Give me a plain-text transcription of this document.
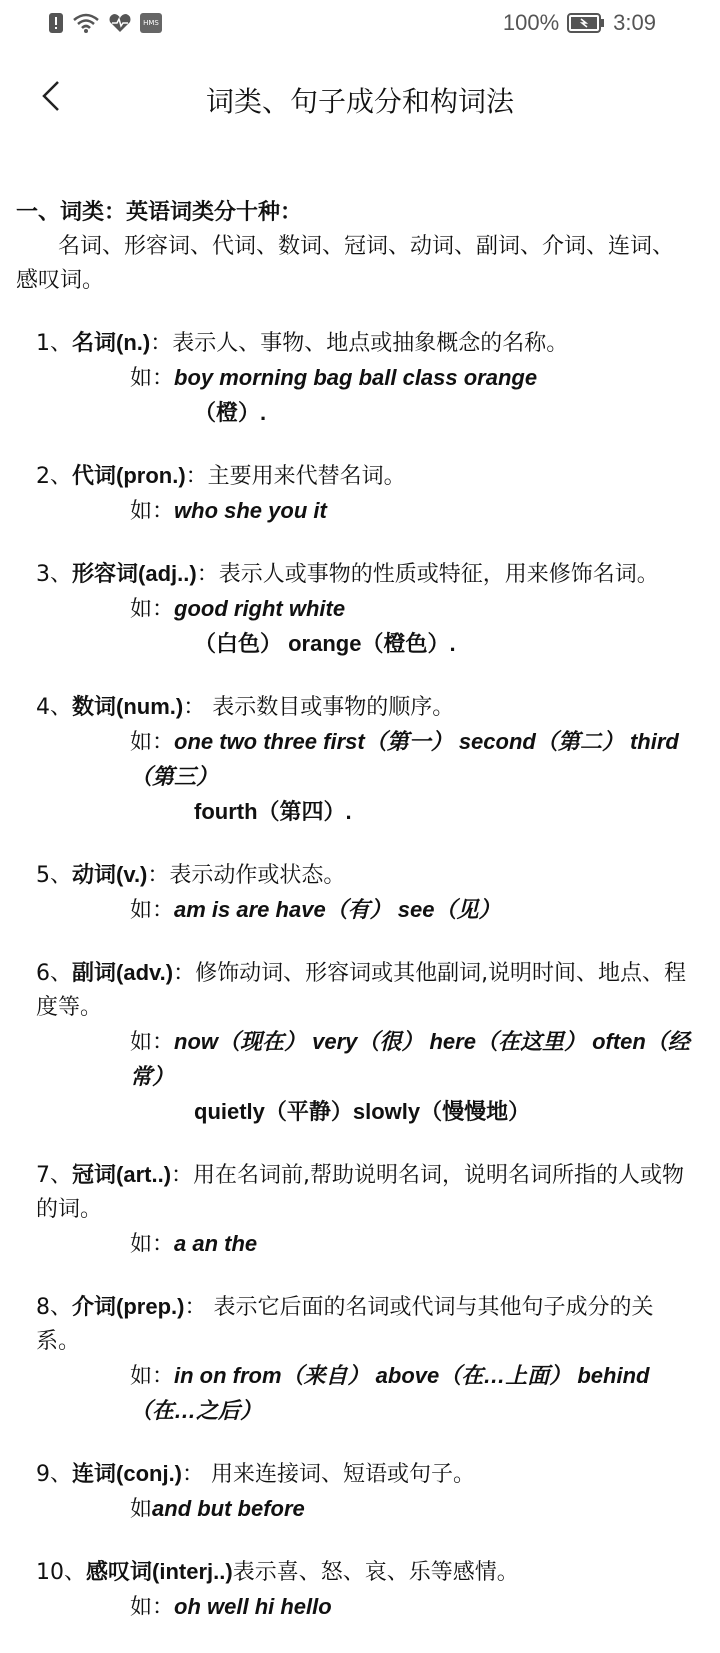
HMS	100% 3:09
词类、句子成分和构词法

一、词类：英语词类分十种：

名词、形容词、代词、数词、冠词、动词、副词、介词、连词、感叹词。

1、名词(n.)：表示人、事物、地点或抽象概念的名称。

如：boy morning bag ball class orange

（橙）.

2、代词(pron.)：主要用来代替名词。

如：who she you it

3、形容词(adj..)：表示人或事物的性质或特征，用来修饰名词。

如：good right white

（白色） orange（橙色）.

4、数词(num.)： 表示数目或事物的顺序。

如：one two three first（第一） second（第二） third（第三）

fourth（第四）.

5、动词(v.)：表示动作或状态。

如：am is are have（有） see（见）

6、副词(adv.)：修饰动词、形容词或其他副词,说明时间、地点、程度等。

如：now（现在） very（很） here（在这里） often（经常）

quietly（平静）slowly（慢慢地）

7、冠词(art..)：用在名词前,帮助说明名词，说明名词所指的人或物的词。

如：a an the

8、介词(prep.)： 表示它后面的名词或代词与其他句子成分的关系。

如：in on from（来自） above（在…上面） behind（在…之后）

9、连词(conj.)： 用来连接词、短语或句子。

如and but before

10、感叹词(interj..)表示喜、怒、哀、乐等感情。

如：oh well hi hello
